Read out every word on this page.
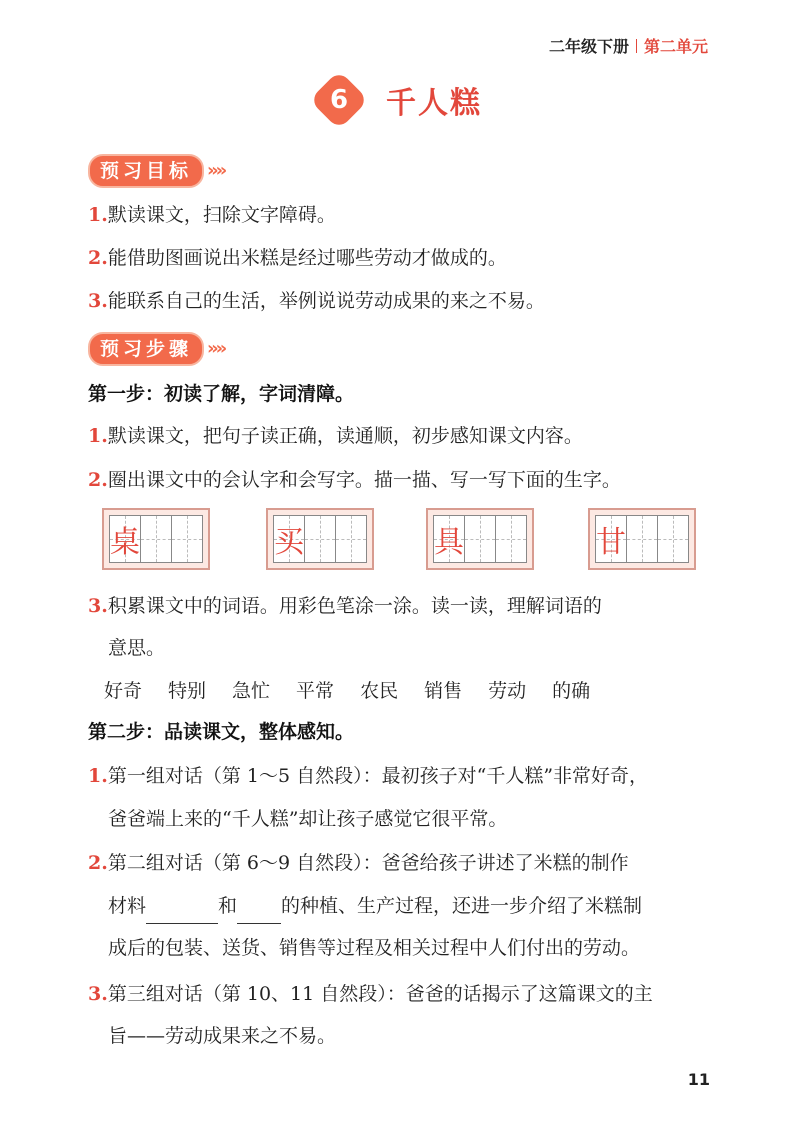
二年级下册 第二单元
6 千人糕
预习目标 »»
1.默读课文，扫除文字障碍。
2.能借助图画说出米糕是经过哪些劳动才做成的。
3.能联系自己的生活，举例说说劳动成果的来之不易。
预习步骤 »»
第一步：初读了解，字词清障。
1.默读课文，把句子读正确，读通顺，初步感知课文内容。
2.圈出课文中的会认字和会写字。描一描、写一写下面的生字。
桌	买	具	甘
3.积累课文中的词语。用彩色笔涂一涂。读一读，理解词语的
意思。
好奇 特别 急忙 平常 农民 销售 劳动 的确
第二步：品读课文，整体感知。
1.第一组对话（第 1～5 自然段）：最初孩子对“千人糕”非常好奇，
爸爸端上来的“千人糕”却让孩子感觉它很平常。
2.第二组对话（第 6～9 自然段）：爸爸给孩子讲述了米糕的制作
材料	和 的种植、生产过程，还进一步介绍了米糕制
成后的包装、送货、销售等过程及相关过程中人们付出的劳动。
3.第三组对话（第 10、11 自然段）：爸爸的话揭示了这篇课文的主
旨——劳动成果来之不易。
11
